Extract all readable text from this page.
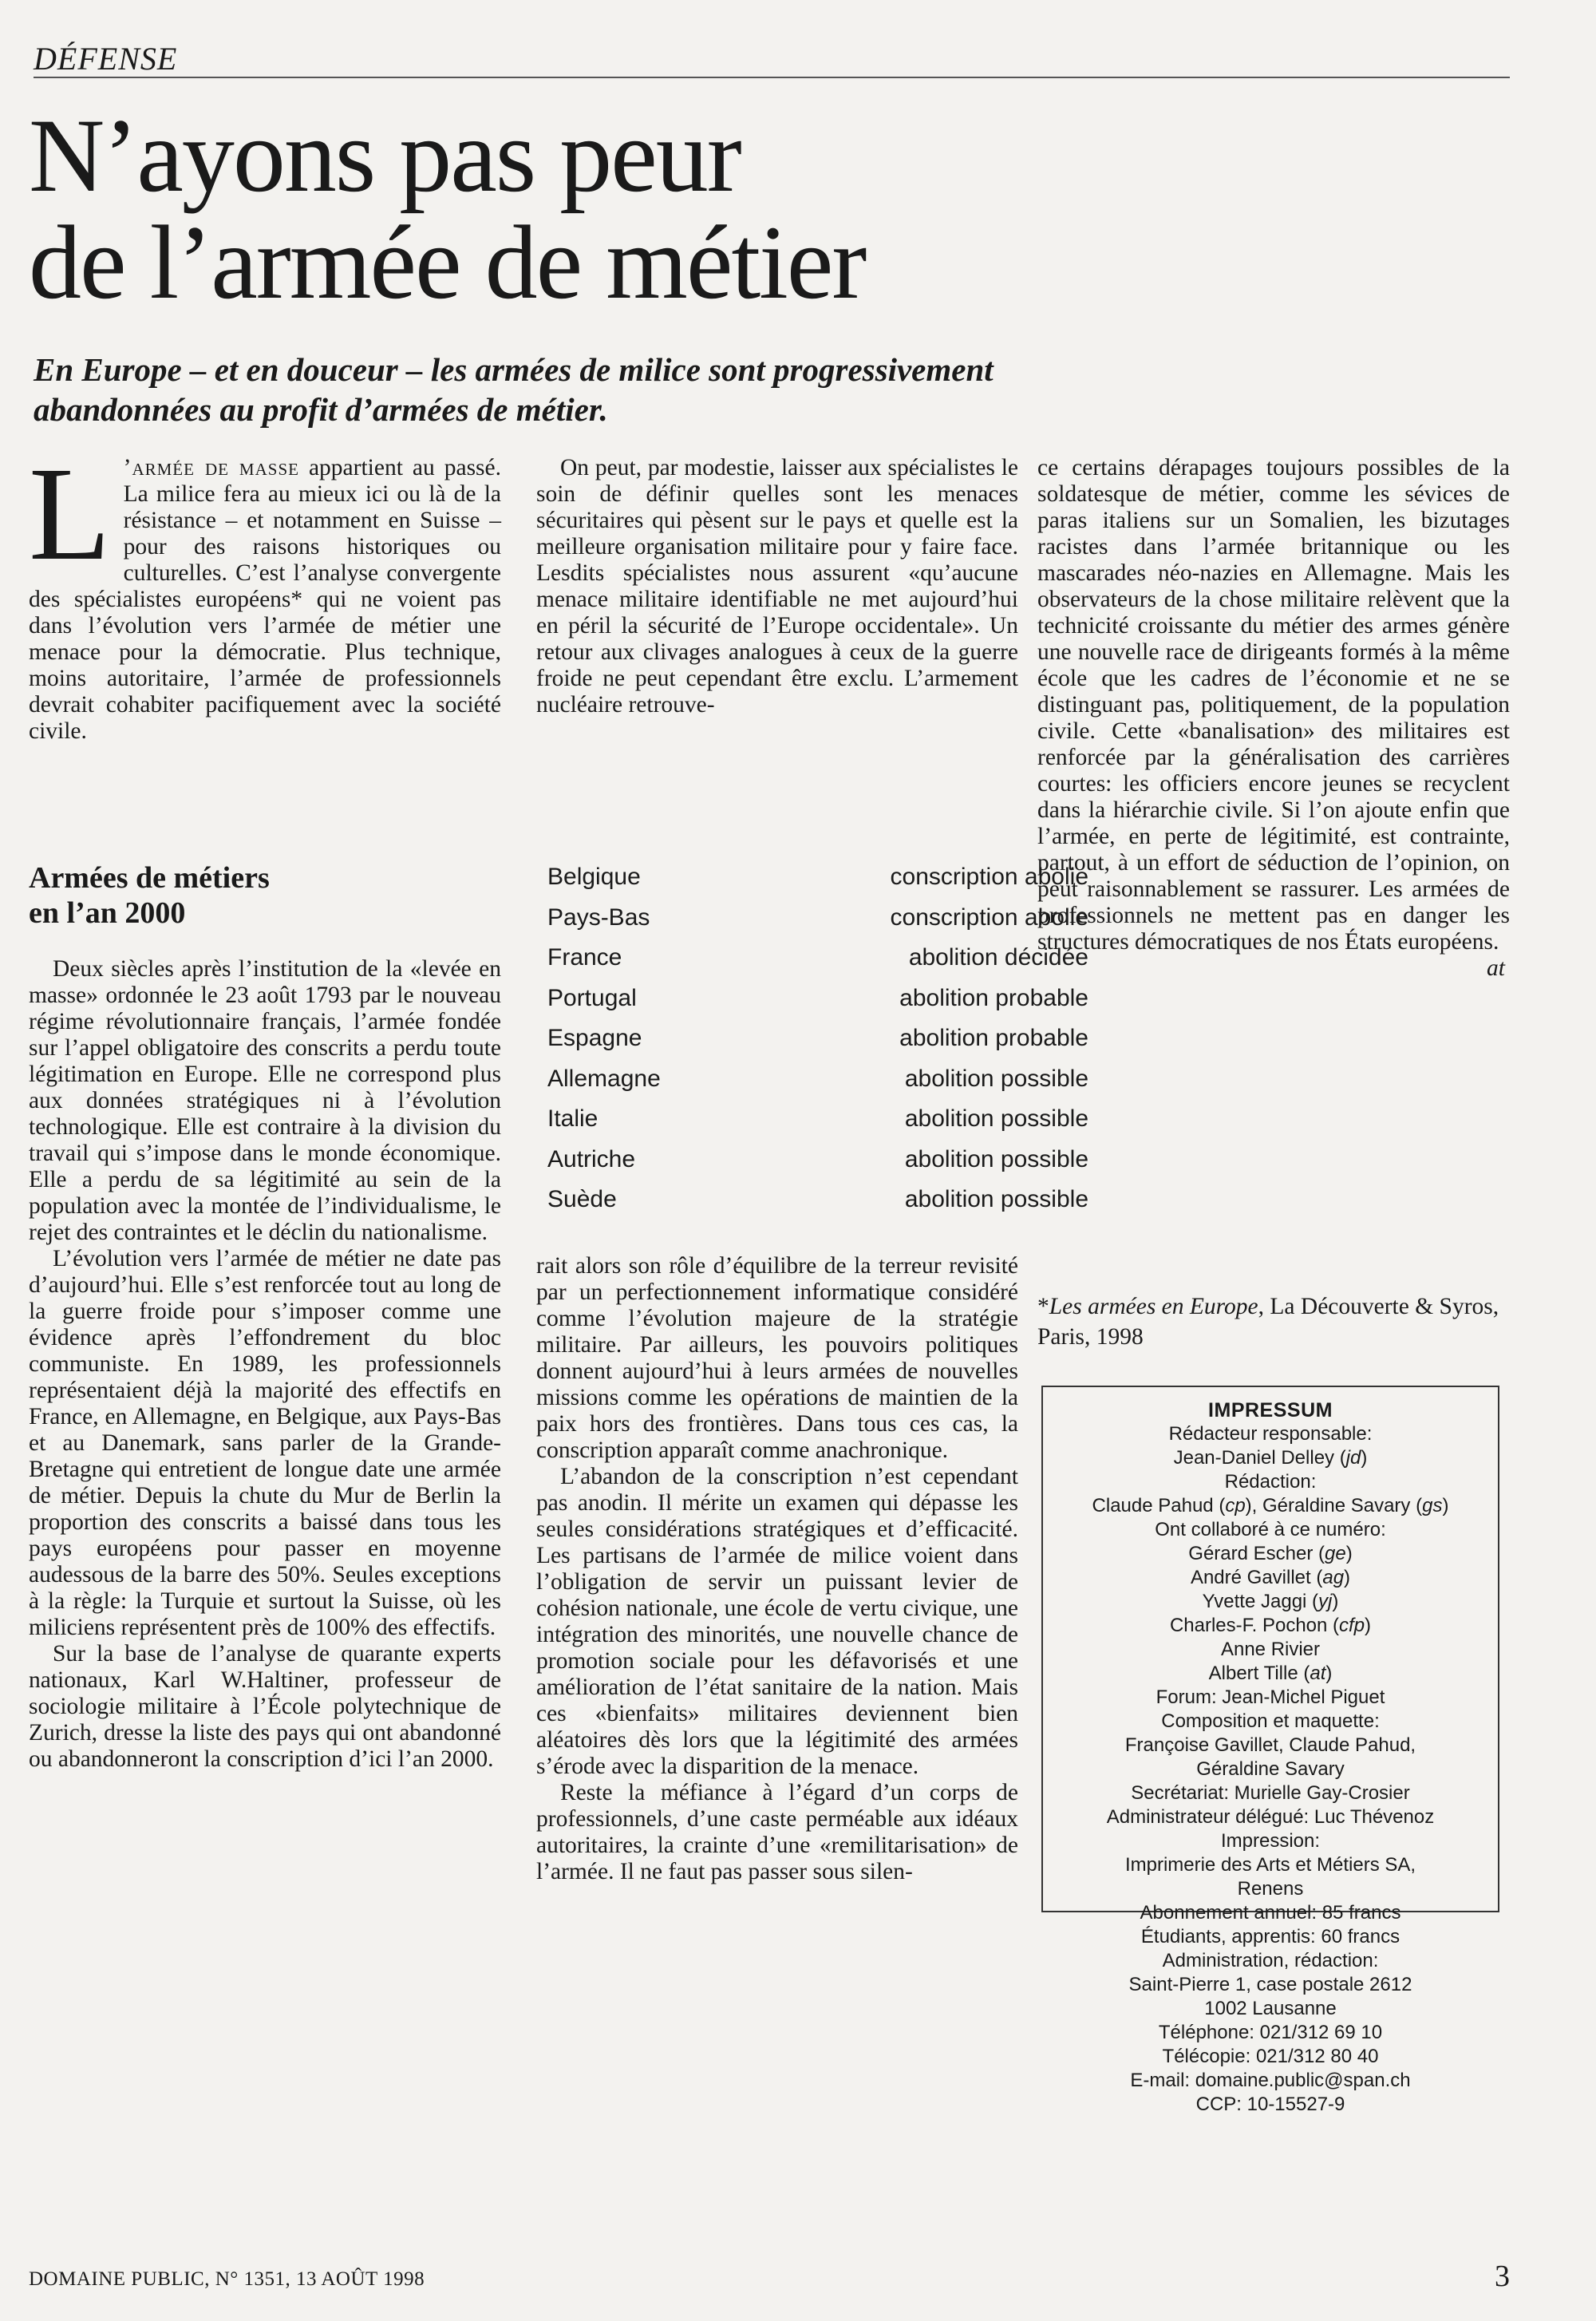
DÉFENSE
N’ayons pas peur
de l’armée de métier

En Europe – et en douceur – les armées de milice sont progressivement
abandonnées au profit d’armées de métier.

L ’armée de masse appartient au passé. La milice fera au mieux ici ou là de la résistance – et notamment en Suisse – pour des raisons historiques ou culturelles. C’est l’analyse convergente des spécialistes européens* qui ne voient pas dans l’évolution vers l’armée de métier une menace pour la démocratie. Plus technique, moins autoritaire, l’armée de professionnels devrait cohabiter pacifiquement avec la société civile.

Armées de métiers
en l’an 2000

Deux siècles après l’institution de la «levée en masse» ordonnée le 23 août 1793 par le nouveau régime révolutionnaire français, l’armée fondée sur l’appel obligatoire des conscrits a perdu toute légitimation en Europe. Elle ne correspond plus aux données stratégiques ni à l’évolution technologique. Elle est contraire à la division du travail qui s’impose dans le monde économique. Elle a perdu de sa légitimité au sein de la population avec la montée de l’individualisme, le rejet des contraintes et le déclin du nationalisme.

L’évolution vers l’armée de métier ne date pas d’aujourd’hui. Elle s’est renforcée tout au long de la guerre froide pour s’imposer comme une évidence après l’effondrement du bloc communiste. En 1989, les professionnels représentaient déjà la majorité des effectifs en France, en Allemagne, en Belgique, aux Pays-Bas et au Danemark, sans parler de la Grande-Bretagne qui entretient de longue date une armée de métier. Depuis la chute du Mur de Berlin la proportion des conscrits a baissé dans tous les pays européens pour passer en moyenne audessous de la barre des 50%. Seules exceptions à la règle: la Turquie et surtout la Suisse, où les miliciens représentent près de 100% des effectifs.

Sur la base de l’analyse de quarante experts nationaux, Karl W.Haltiner, professeur de sociologie militaire à l’École polytechnique de Zurich, dresse la liste des pays qui ont abandonné ou abandonneront la conscription d’ici l’an 2000.

On peut, par modestie, laisser aux spécialistes le soin de définir quelles sont les menaces sécuritaires qui pèsent sur le pays et quelle est la meilleure organisation militaire pour y faire face. Lesdits spécialistes nous assurent «qu’aucune menace militaire identifiable ne met aujourd’hui en péril la sécurité de l’Europe occidentale». Un retour aux clivages analogues à ceux de la guerre froide ne peut cependant être exclu. L’armement nucléaire retrouve-

Belgique	conscription abolie
Pays-Bas	conscription abolie
France	abolition décidée
Portugal	abolition probable
Espagne	abolition probable
Allemagne	abolition possible
Italie	abolition possible
Autriche	abolition possible
Suède	abolition possible

rait alors son rôle d’équilibre de la terreur revisité par un perfectionnement informatique considéré comme l’évolution majeure de la stratégie militaire. Par ailleurs, les pouvoirs politiques donnent aujourd’hui à leurs armées de nouvelles missions comme les opérations de maintien de la paix hors des frontières. Dans tous ces cas, la conscription apparaît comme anachronique.

L’abandon de la conscription n’est cependant pas anodin. Il mérite un examen qui dépasse les seules considérations stratégiques et d’efficacité. Les partisans de l’armée de milice voient dans l’obligation de servir un puissant levier de cohésion nationale, une école de vertu civique, une intégration des minorités, une nouvelle chance de promotion sociale pour les défavorisés et une amélioration de l’état sanitaire de la nation. Mais ces «bienfaits» militaires deviennent bien aléatoires dès lors que la légitimité des armées s’érode avec la disparition de la menace.

Reste la méfiance à l’égard d’un corps de professionnels, d’une caste perméable aux idéaux autoritaires, la crainte d’une «remilitarisation» de l’armée. Il ne faut pas passer sous silen-

ce certains dérapages toujours possibles de la soldatesque de métier, comme les sévices de paras italiens sur un Somalien, les bizutages racistes dans l’armée britannique ou les mascarades néo-nazies en Allemagne. Mais les observateurs de la chose militaire relèvent que la technicité croissante du métier des armes génère une nouvelle race de dirigeants formés à la même école que les cadres de l’économie et ne se distinguant pas, politiquement, de la population civile. Cette «banalisation» des militaires est renforcée par la généralisation des carrières courtes: les officiers encore jeunes se recyclent dans la hiérarchie civile. Si l’on ajoute enfin que l’armée, en perte de légitimité, est contrainte, partout, à un effort de séduction de l’opinion, on peut raisonnablement se rassurer. Les armées de professionnels ne mettent pas en danger les structures démocratiques de nos États européens.
at

*Les armées en Europe, La Découverte & Syros, Paris, 1998

IMPRESSUM
Rédacteur responsable:
Jean-Daniel Delley (jd)
Rédaction:
Claude Pahud (cp), Géraldine Savary (gs)
Ont collaboré à ce numéro:
Gérard Escher (ge)
André Gavillet (ag)
Yvette Jaggi (yj)
Charles-F. Pochon (cfp)
Anne Rivier
Albert Tille (at)
Forum: Jean-Michel Piguet
Composition et maquette:
Françoise Gavillet, Claude Pahud,
Géraldine Savary
Secrétariat: Murielle Gay-Crosier
Administrateur délégué: Luc Thévenoz
Impression:
Imprimerie des Arts et Métiers SA,
Renens
Abonnement annuel: 85 francs
Étudiants, apprentis: 60 francs
Administration, rédaction:
Saint-Pierre 1, case postale 2612
1002 Lausanne
Téléphone: 021/312 69 10
Télécopie: 021/312 80 40
E-mail: domaine.public@span.ch
CCP: 10-15527-9
DOMAINE PUBLIC, N° 1351, 13 AOÛT 1998	3
